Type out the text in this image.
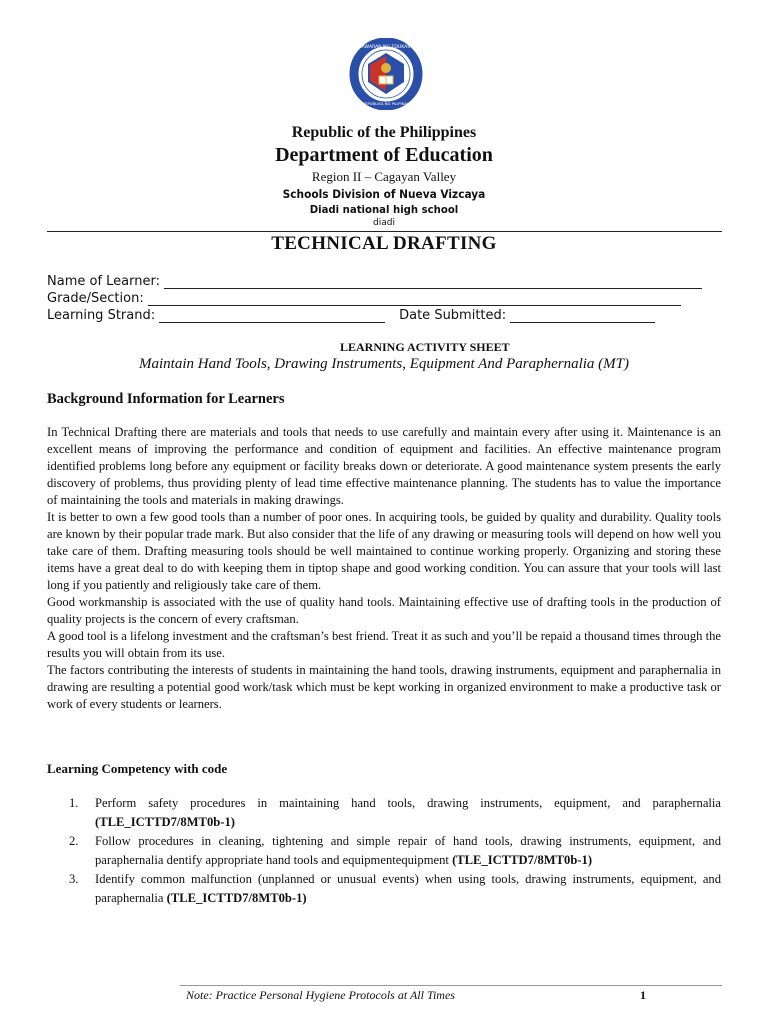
KAGAWARAN NG EDUKASYON
REPUBLIKA NG PILIPINAS
Republic of the Philippines
Department of Education
Region II – Cagayan Valley
Schools Division of Nueva Vizcaya
Diadi national high school
diadi
TECHNICAL DRAFTING
Name of Learner:
Grade/Section:
Learning Strand:	Date Submitted:
LEARNING ACTIVITY SHEET
Maintain Hand Tools, Drawing Instruments, Equipment And Paraphernalia (MT)
Background Information for Learners

In Technical Drafting there are materials and tools that needs to use carefully and maintain every after using it. Maintenance is an excellent means of improving the performance and condition of equipment and facilities. An effective maintenance program identified problems long before any equipment or facility breaks down or deteriorate. A good maintenance system presents the early discovery of problems, thus providing plenty of lead time effective maintenance planning. The students has to value the importance of maintaining the tools and materials in making drawings.

It is better to own a few good tools than a number of poor ones. In acquiring tools, be guided by quality and durability. Quality tools are known by their popular trade mark. But also consider that the life of any drawing or measuring tools will depend on how well you take care of them. Drafting measuring tools should be well maintained to continue working properly. Organizing and storing these items have a great deal to do with keeping them in tiptop shape and good working condition. You can assure that your tools will last long if you patiently and religiously take care of them.

Good workmanship is associated with the use of quality hand tools. Maintaining effective use of drafting tools in the production of quality projects is the concern of every craftsman.

A good tool is a lifelong investment and the craftsman’s best friend. Treat it as such and you’ll be repaid a thousand times through the results you will obtain from its use.

The factors contributing the interests of students in maintaining the hand tools, drawing instruments, equipment and paraphernalia in drawing are resulting a potential good work/task which must be kept working in organized environment to make a productive task or work of every students or learners.

Learning Competency with code
1. Perform safety procedures in maintaining hand tools, drawing instruments, equipment, and paraphernalia (TLE_ICTTD7/8MT0b-1)
2. Follow procedures in cleaning, tightening and simple repair of hand tools, drawing instruments, equipment, and paraphernalia dentify appropriate hand tools and equipmentequipment (TLE_ICTTD7/8MT0b-1)
3. Identify common malfunction (unplanned or unusual events) when using tools, drawing instruments, equipment, and paraphernalia (TLE_ICTTD7/8MT0b-1)
Note: Practice Personal Hygiene Protocols at All Times	1
